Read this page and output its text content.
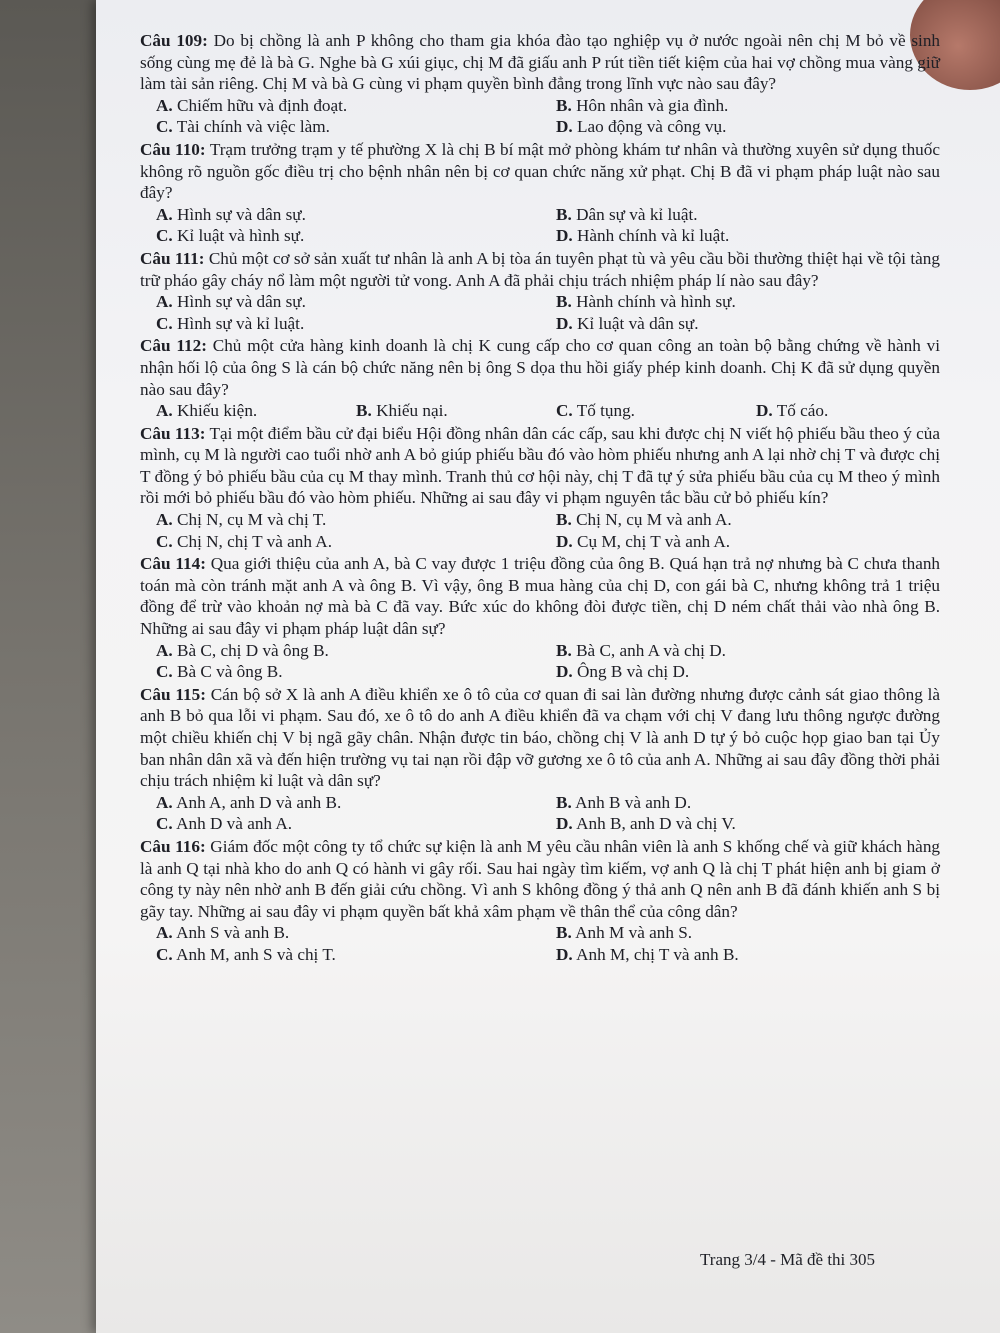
Câu 109: Do bị chồng là anh P không cho tham gia khóa đào tạo nghiệp vụ ở nước ngoài nên chị M bỏ về sinh sống cùng mẹ đẻ là bà G. Nghe bà G xúi giục, chị M đã giấu anh P rút tiền tiết kiệm của hai vợ chồng mua vàng giữ làm tài sản riêng. Chị M và bà G cùng vi phạm quyền bình đẳng trong lĩnh vực nào sau đây?
A. Chiếm hữu và định đoạt.	B. Hôn nhân và gia đình.
C. Tài chính và việc làm.	D. Lao động và công vụ.
Câu 110: Trạm trưởng trạm y tế phường X là chị B bí mật mở phòng khám tư nhân và thường xuyên sử dụng thuốc không rõ nguồn gốc điều trị cho bệnh nhân nên bị cơ quan chức năng xử phạt. Chị B đã vi phạm pháp luật nào sau đây?
A. Hình sự và dân sự.	B. Dân sự và kỉ luật.
C. Kỉ luật và hình sự.	D. Hành chính và kỉ luật.
Câu 111: Chủ một cơ sở sản xuất tư nhân là anh A bị tòa án tuyên phạt tù và yêu cầu bồi thường thiệt hại về tội tàng trữ pháo gây cháy nổ làm một người tử vong. Anh A đã phải chịu trách nhiệm pháp lí nào sau đây?
A. Hình sự và dân sự.	B. Hành chính và hình sự.
C. Hình sự và kỉ luật.	D. Kỉ luật và dân sự.
Câu 112: Chủ một cửa hàng kinh doanh là chị K cung cấp cho cơ quan công an toàn bộ bằng chứng về hành vi nhận hối lộ của ông S là cán bộ chức năng nên bị ông S dọa thu hồi giấy phép kinh doanh. Chị K đã sử dụng quyền nào sau đây?
A. Khiếu kiện.	B. Khiếu nại.	C. Tố tụng.	D. Tố cáo.
Câu 113: Tại một điểm bầu cử đại biểu Hội đồng nhân dân các cấp, sau khi được chị N viết hộ phiếu bầu theo ý của mình, cụ M là người cao tuổi nhờ anh A bỏ giúp phiếu bầu đó vào hòm phiếu nhưng anh A lại nhờ chị T và được chị T đồng ý bỏ phiếu bầu của cụ M thay mình. Tranh thủ cơ hội này, chị T đã tự ý sửa phiếu bầu của cụ M theo ý mình rồi mới bỏ phiếu bầu đó vào hòm phiếu. Những ai sau đây vi phạm nguyên tắc bầu cử bỏ phiếu kín?
A. Chị N, cụ M và chị T.	B. Chị N, cụ M và anh A.
C. Chị N, chị T và anh A.	D. Cụ M, chị T và anh A.
Câu 114: Qua giới thiệu của anh A, bà C vay được 1 triệu đồng của ông B. Quá hạn trả nợ nhưng bà C chưa thanh toán mà còn tránh mặt anh A và ông B. Vì vậy, ông B mua hàng của chị D, con gái bà C, nhưng không trả 1 triệu đồng để trừ vào khoản nợ mà bà C đã vay. Bức xúc do không đòi được tiền, chị D ném chất thải vào nhà ông B. Những ai sau đây vi phạm pháp luật dân sự?
A. Bà C, chị D và ông B.	B. Bà C, anh A và chị D.
C. Bà C và ông B.	D. Ông B và chị D.
Câu 115: Cán bộ sở X là anh A điều khiển xe ô tô của cơ quan đi sai làn đường nhưng được cảnh sát giao thông là anh B bỏ qua lỗi vi phạm. Sau đó, xe ô tô do anh A điều khiển đã va chạm với chị V đang lưu thông ngược đường một chiều khiến chị V bị ngã gãy chân. Nhận được tin báo, chồng chị V là anh D tự ý bỏ cuộc họp giao ban tại Ủy ban nhân dân xã và đến hiện trường vụ tai nạn rồi đập vỡ gương xe ô tô của anh A. Những ai sau đây đồng thời phải chịu trách nhiệm kỉ luật và dân sự?
A. Anh A, anh D và anh B.	B. Anh B và anh D.
C. Anh D và anh A.	D. Anh B, anh D và chị V.
Câu 116: Giám đốc một công ty tổ chức sự kiện là anh M yêu cầu nhân viên là anh S khống chế và giữ khách hàng là anh Q tại nhà kho do anh Q có hành vi gây rối. Sau hai ngày tìm kiếm, vợ anh Q là chị T phát hiện anh bị giam ở công ty này nên nhờ anh B đến giải cứu chồng. Vì anh S không đồng ý thả anh Q nên anh B đã đánh khiến anh S bị gãy tay. Những ai sau đây vi phạm quyền bất khả xâm phạm về thân thể của công dân?
A. Anh S và anh B.	B. Anh M và anh S.
C. Anh M, anh S và chị T.	D. Anh M, chị T và anh B.
Trang 3/4 - Mã đề thi 305
